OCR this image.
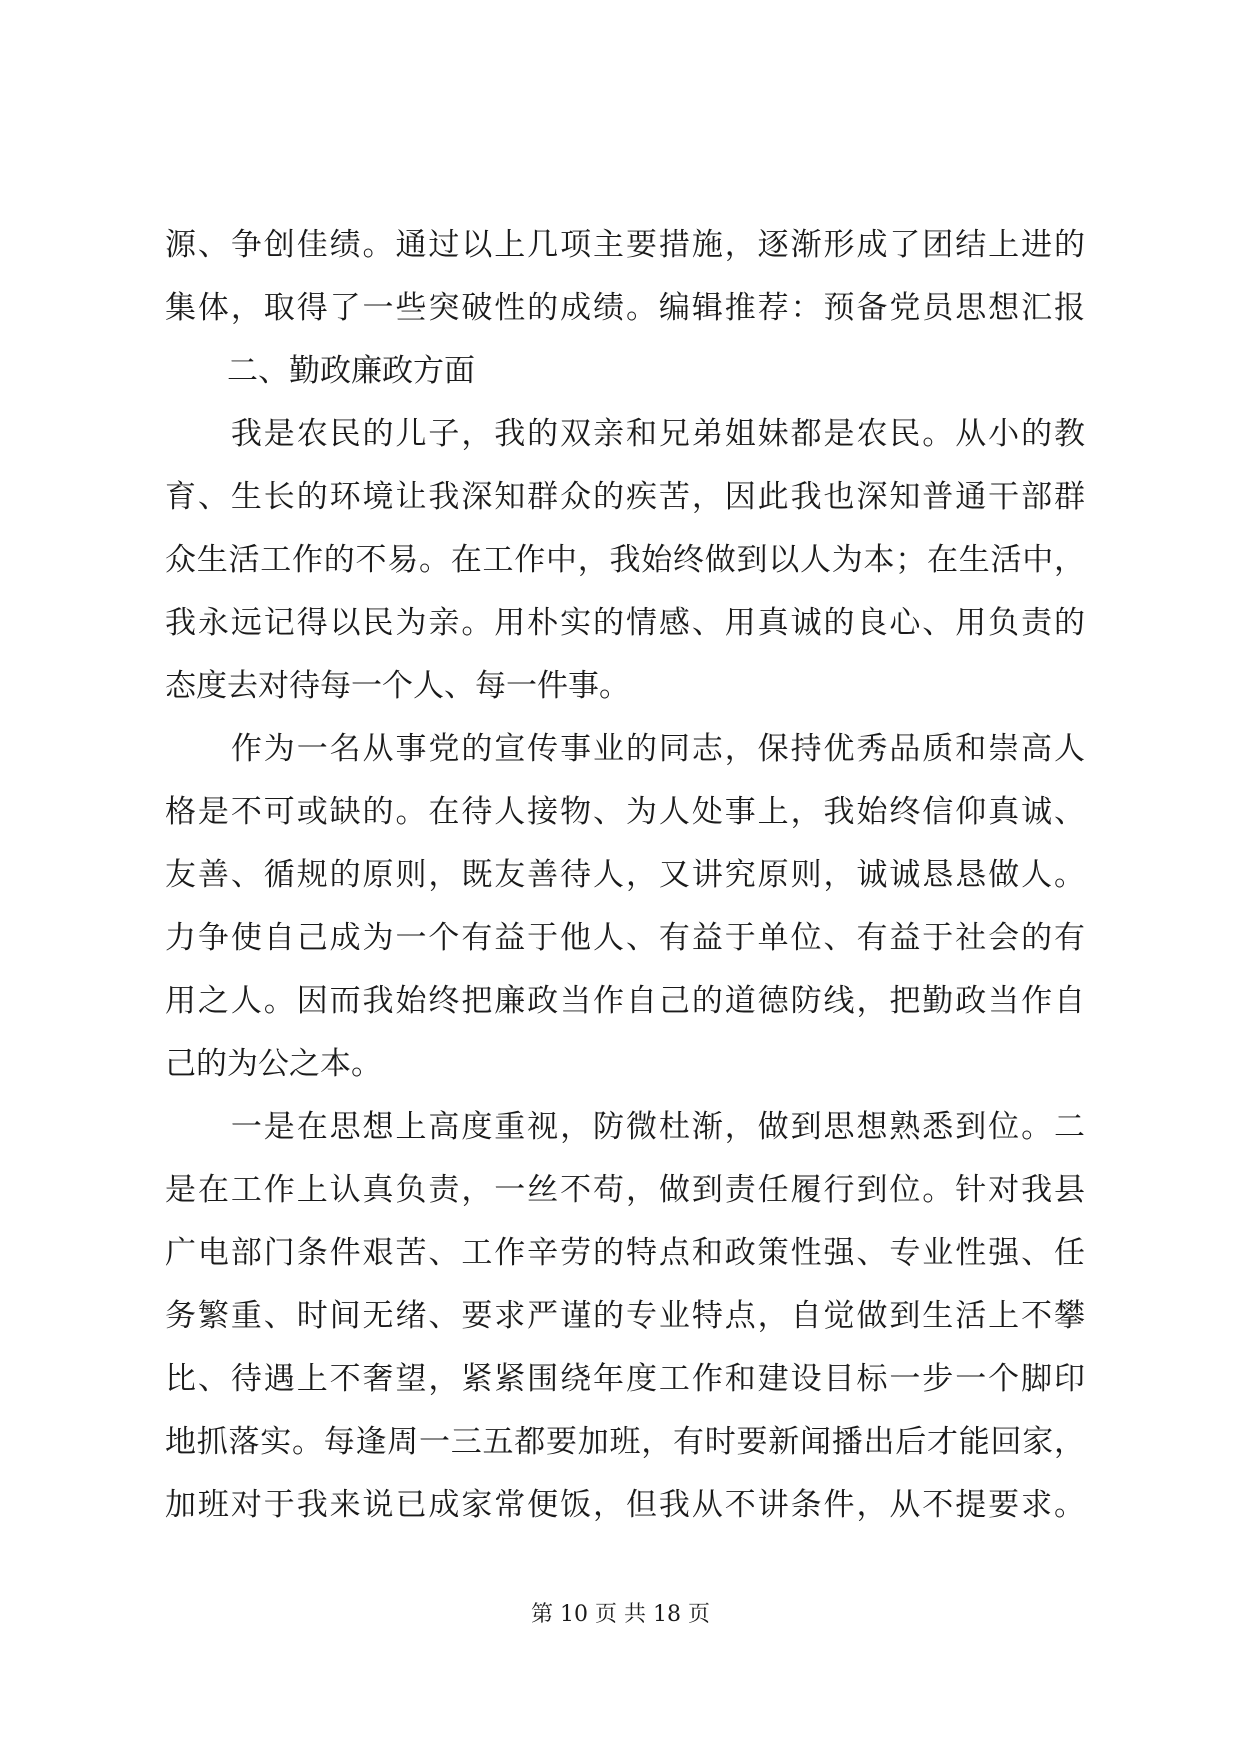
源、争创佳绩。通过以上几项主要措施，逐渐形成了团结上进的
集体，取得了一些突破性的成绩。编辑推荐：预备党员思想汇报
　　二、勤政廉政方面
　　我是农民的儿子，我的双亲和兄弟姐妹都是农民。从小的教
育、生长的环境让我深知群众的疾苦，因此我也深知普通干部群
众生活工作的不易。在工作中，我始终做到以人为本；在生活中，
我永远记得以民为亲。用朴实的情感、用真诚的良心、用负责的
态度去对待每一个人、每一件事。
　　作为一名从事党的宣传事业的同志，保持优秀品质和崇高人
格是不可或缺的。在待人接物、为人处事上，我始终信仰真诚、
友善、循规的原则，既友善待人，又讲究原则，诚诚恳恳做人。
力争使自己成为一个有益于他人、有益于单位、有益于社会的有
用之人。因而我始终把廉政当作自己的道德防线，把勤政当作自
己的为公之本。
　　一是在思想上高度重视，防微杜渐，做到思想熟悉到位。二
是在工作上认真负责，一丝不苟，做到责任履行到位。针对我县
广电部门条件艰苦、工作辛劳的特点和政策性强、专业性强、任
务繁重、时间无绪、要求严谨的专业特点，自觉做到生活上不攀
比、待遇上不奢望，紧紧围绕年度工作和建设目标一步一个脚印
地抓落实。每逢周一三五都要加班，有时要新闻播出后才能回家，
加班对于我来说已成家常便饭，但我从不讲条件，从不提要求。
第 10 页 共 18 页
